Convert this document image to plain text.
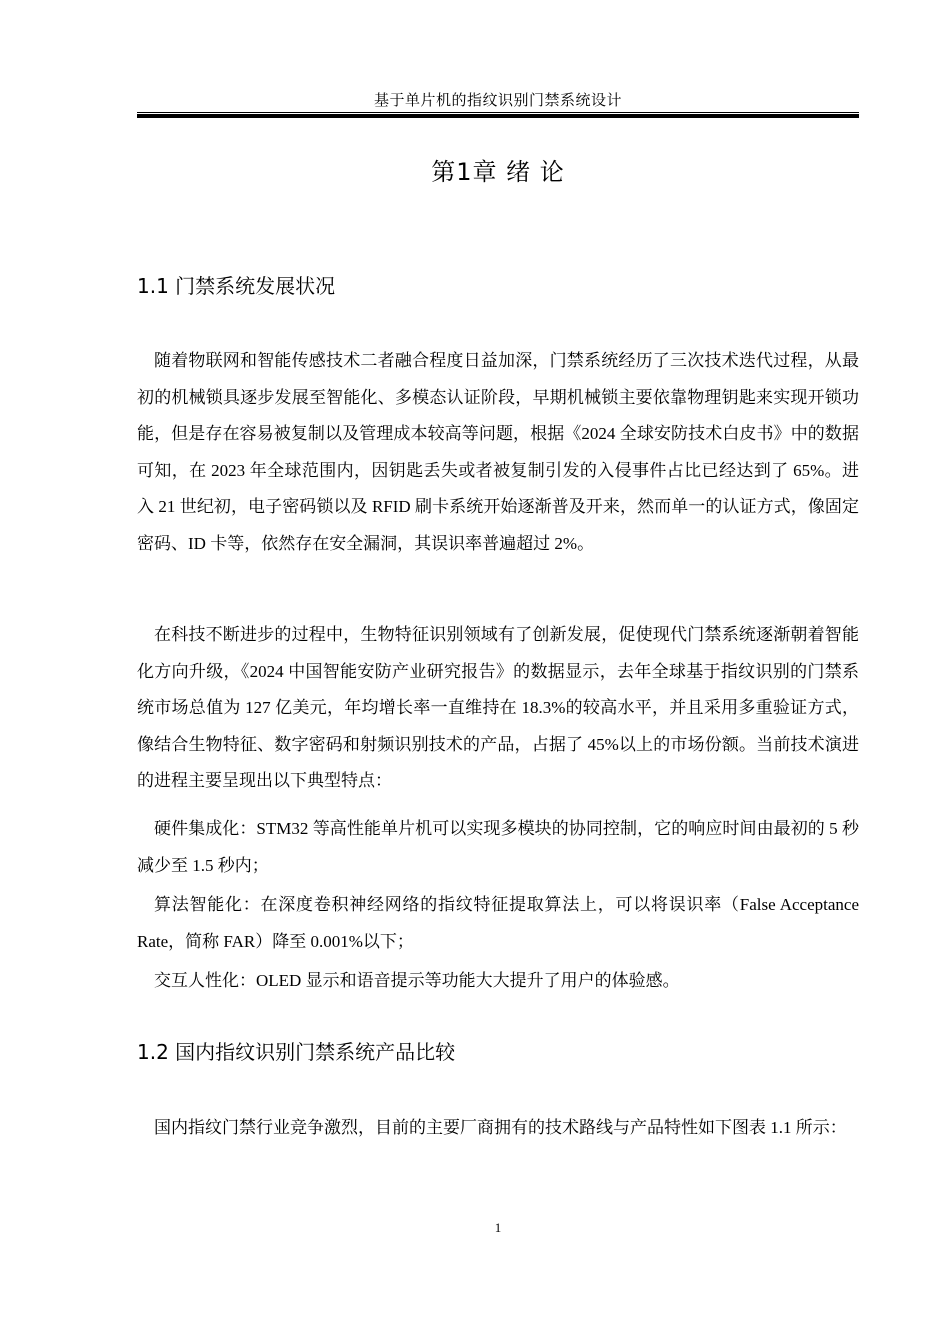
基于单片机的指纹识别门禁系统设计
第1章 绪 论
1.1 门禁系统发展状况

随着物联网和智能传感技术二者融合程度日益加深，门禁系统经历了三次技术迭代过程，从最初的机械锁具逐步发展至智能化、多模态认证阶段，早期机械锁主要依靠物理钥匙来实现开锁功能，但是存在容易被复制以及管理成本较高等问题，根据《2024 全球安防技术白皮书》中的数据可知，在 2023 年全球范围内，因钥匙丢失或者被复制引发的入侵事件占比已经达到了 65%。进入 21 世纪初，电子密码锁以及 RFID 刷卡系统开始逐渐普及开来，然而单一的认证方式，像固定密码、ID 卡等，依然存在安全漏洞，其误识率普遍超过 2%。

在科技不断进步的过程中，生物特征识别领域有了创新发展，促使现代门禁系统逐渐朝着智能化方向升级，《2024 中国智能安防产业研究报告》的数据显示，去年全球基于指纹识别的门禁系统市场总值为 127 亿美元，年均增长率一直维持在 18.3%的较高水平，并且采用多重验证方式，像结合生物特征、数字密码和射频识别技术的产品，占据了 45%以上的市场份额。当前技术演进的进程主要呈现出以下典型特点：

硬件集成化：STM32 等高性能单片机可以实现多模块的协同控制，它的响应时间由最初的 5 秒减少至 1.5 秒内；

算法智能化：在深度卷积神经网络的指纹特征提取算法上，可以将误识率（False Acceptance Rate，简称 FAR）降至 0.001%以下；

交互人性化：OLED 显示和语音提示等功能大大提升了用户的体验感。

1.2 国内指纹识别门禁系统产品比较

国内指纹门禁行业竞争激烈，目前的主要厂商拥有的技术路线与产品特性如下图表 1.1 所示：

1
